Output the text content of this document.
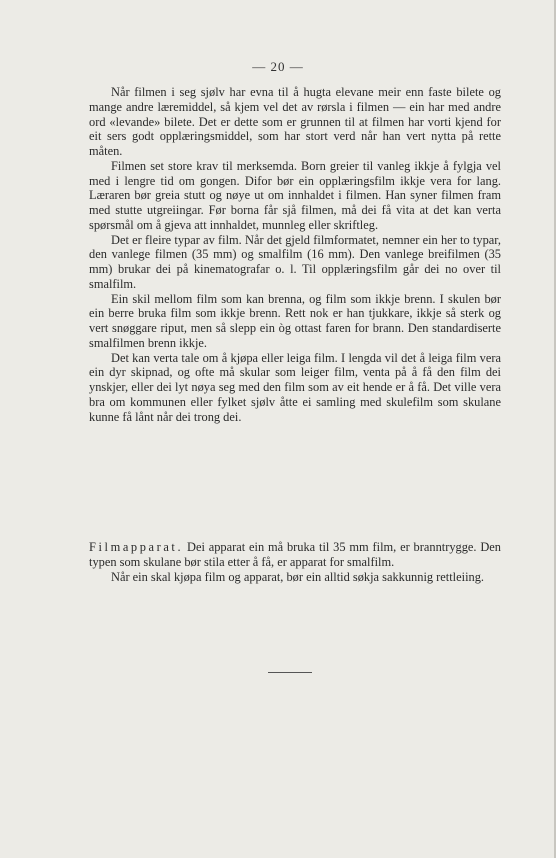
— 20 —

Når filmen i seg sjølv har evna til å hugta elevane meir enn faste bilete og mange andre læremiddel, så kjem vel det av rørsla i filmen — ein har med andre ord «levande» bilete. Det er dette som er grunnen til at filmen har vorti kjend for eit sers godt opplæringsmiddel, som har stort verd når han vert nytta på rette måten.

Filmen set store krav til merksemda. Born greier til vanleg ikkje å fylgja vel med i lengre tid om gongen. Difor bør ein opplæringsfilm ikkje vera for lang. Læraren bør greia stutt og nøye ut om innhaldet i filmen. Han syner filmen fram med stutte utgreiingar. Før borna får sjå filmen, må dei få vita at det kan verta spørsmål om å gjeva att innhaldet, munnleg eller skriftleg.

Det er fleire typar av film. Når det gjeld filmformatet, nemner ein her to typar, den vanlege filmen (35 mm) og smalfilm (16 mm). Den vanlege breifilmen (35 mm) brukar dei på kinematografar o. l. Til opplæringsfilm går dei no over til smalfilm.

Ein skil mellom film som kan brenna, og film som ikkje brenn. I skulen bør ein berre bruka film som ikkje brenn. Rett nok er han tjukkare, ikkje så sterk og vert snøggare riput, men så slepp ein òg ottast faren for brann. Den standardiserte smalfilmen brenn ikkje.

Det kan verta tale om å kjøpa eller leiga film. I lengda vil det å leiga film vera ein dyr skipnad, og ofte må skular som leiger film, venta på å få den film dei ynskjer, eller dei lyt nøya seg med den film som av eit hende er å få. Det ville vera bra om kommunen eller fylket sjølv åtte ei samling med skulefilm som skulane kunne få lånt når dei trong dei.

Filmapparat. Dei apparat ein må bruka til 35 mm film, er branntrygge. Den typen som skulane bør stila etter å få, er apparat for smalfilm.

Når ein skal kjøpa film og apparat, bør ein alltid søkja sakkunnig rettleiing.
